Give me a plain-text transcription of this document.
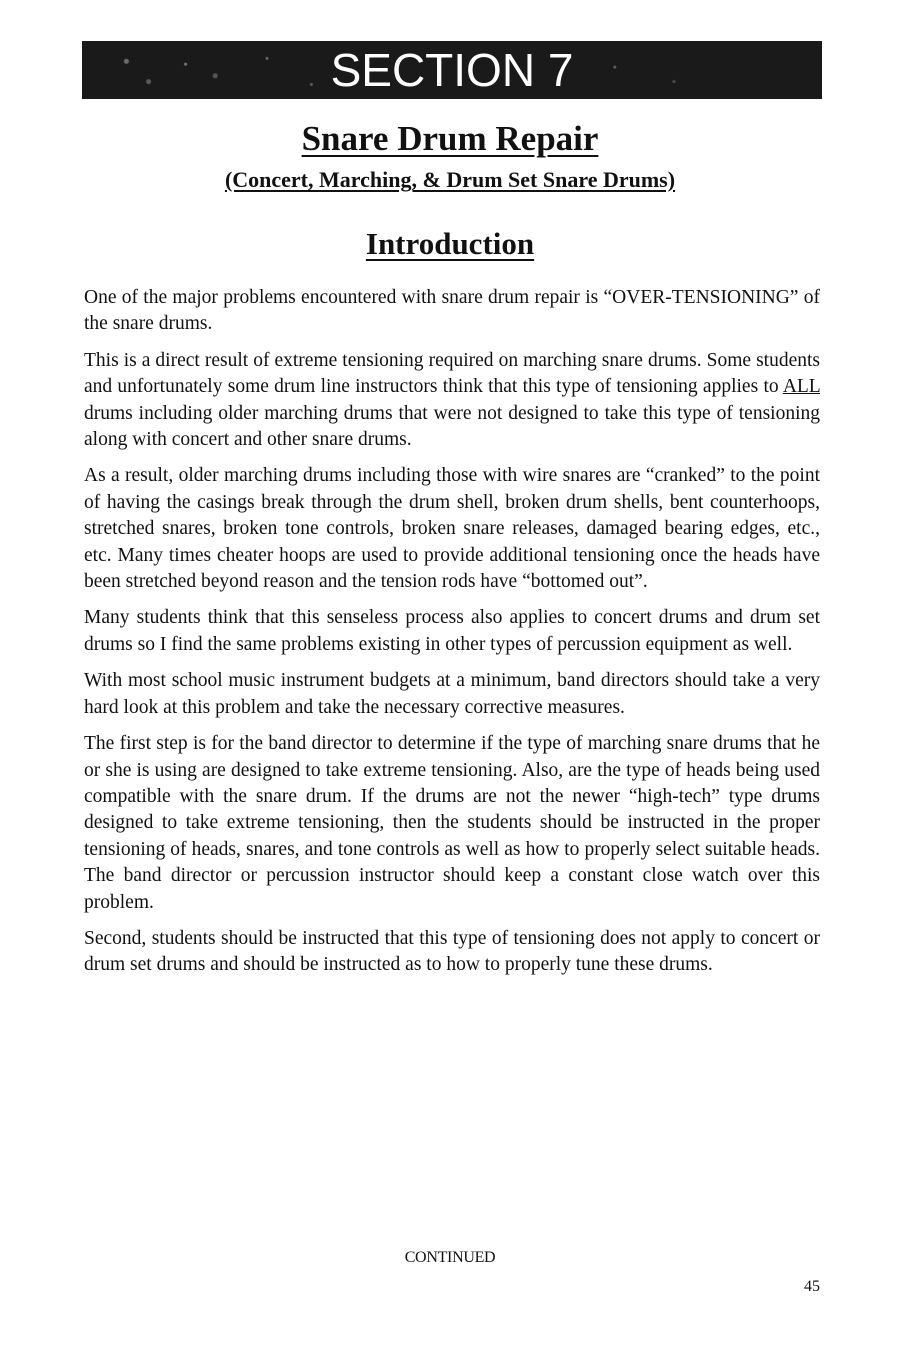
SECTION 7
Snare Drum Repair
(Concert, Marching, & Drum Set Snare Drums)
Introduction

One of the major problems encountered with snare drum repair is “OVER-TENSIONING” of the snare drums.

This is a direct result of extreme tensioning required on marching snare drums. Some students and unfortunately some drum line instructors think that this type of tensioning applies to ALL drums including older marching drums that were not designed to take this type of tensioning along with concert and other snare drums.

As a result, older marching drums including those with wire snares are “cranked” to the point of having the casings break through the drum shell, broken drum shells, bent counterhoops, stretched snares, broken tone controls, broken snare releases, damaged bearing edges, etc., etc. Many times cheater hoops are used to provide additional tensioning once the heads have been stretched beyond reason and the tension rods have “bottomed out”.

Many students think that this senseless process also applies to concert drums and drum set drums so I find the same problems existing in other types of percussion equipment as well.

With most school music instrument budgets at a minimum, band directors should take a very hard look at this problem and take the necessary corrective measures.

The first step is for the band director to determine if the type of marching snare drums that he or she is using are designed to take extreme tensioning. Also, are the type of heads being used compatible with the snare drum. If the drums are not the newer “high-tech” type drums designed to take extreme tensioning, then the students should be instructed in the proper tensioning of heads, snares, and tone controls as well as how to properly select suitable heads. The band director or percussion instructor should keep a constant close watch over this problem.

Second, students should be instructed that this type of tensioning does not apply to concert or drum set drums and should be instructed as to how to properly tune these drums.

CONTINUED
45
